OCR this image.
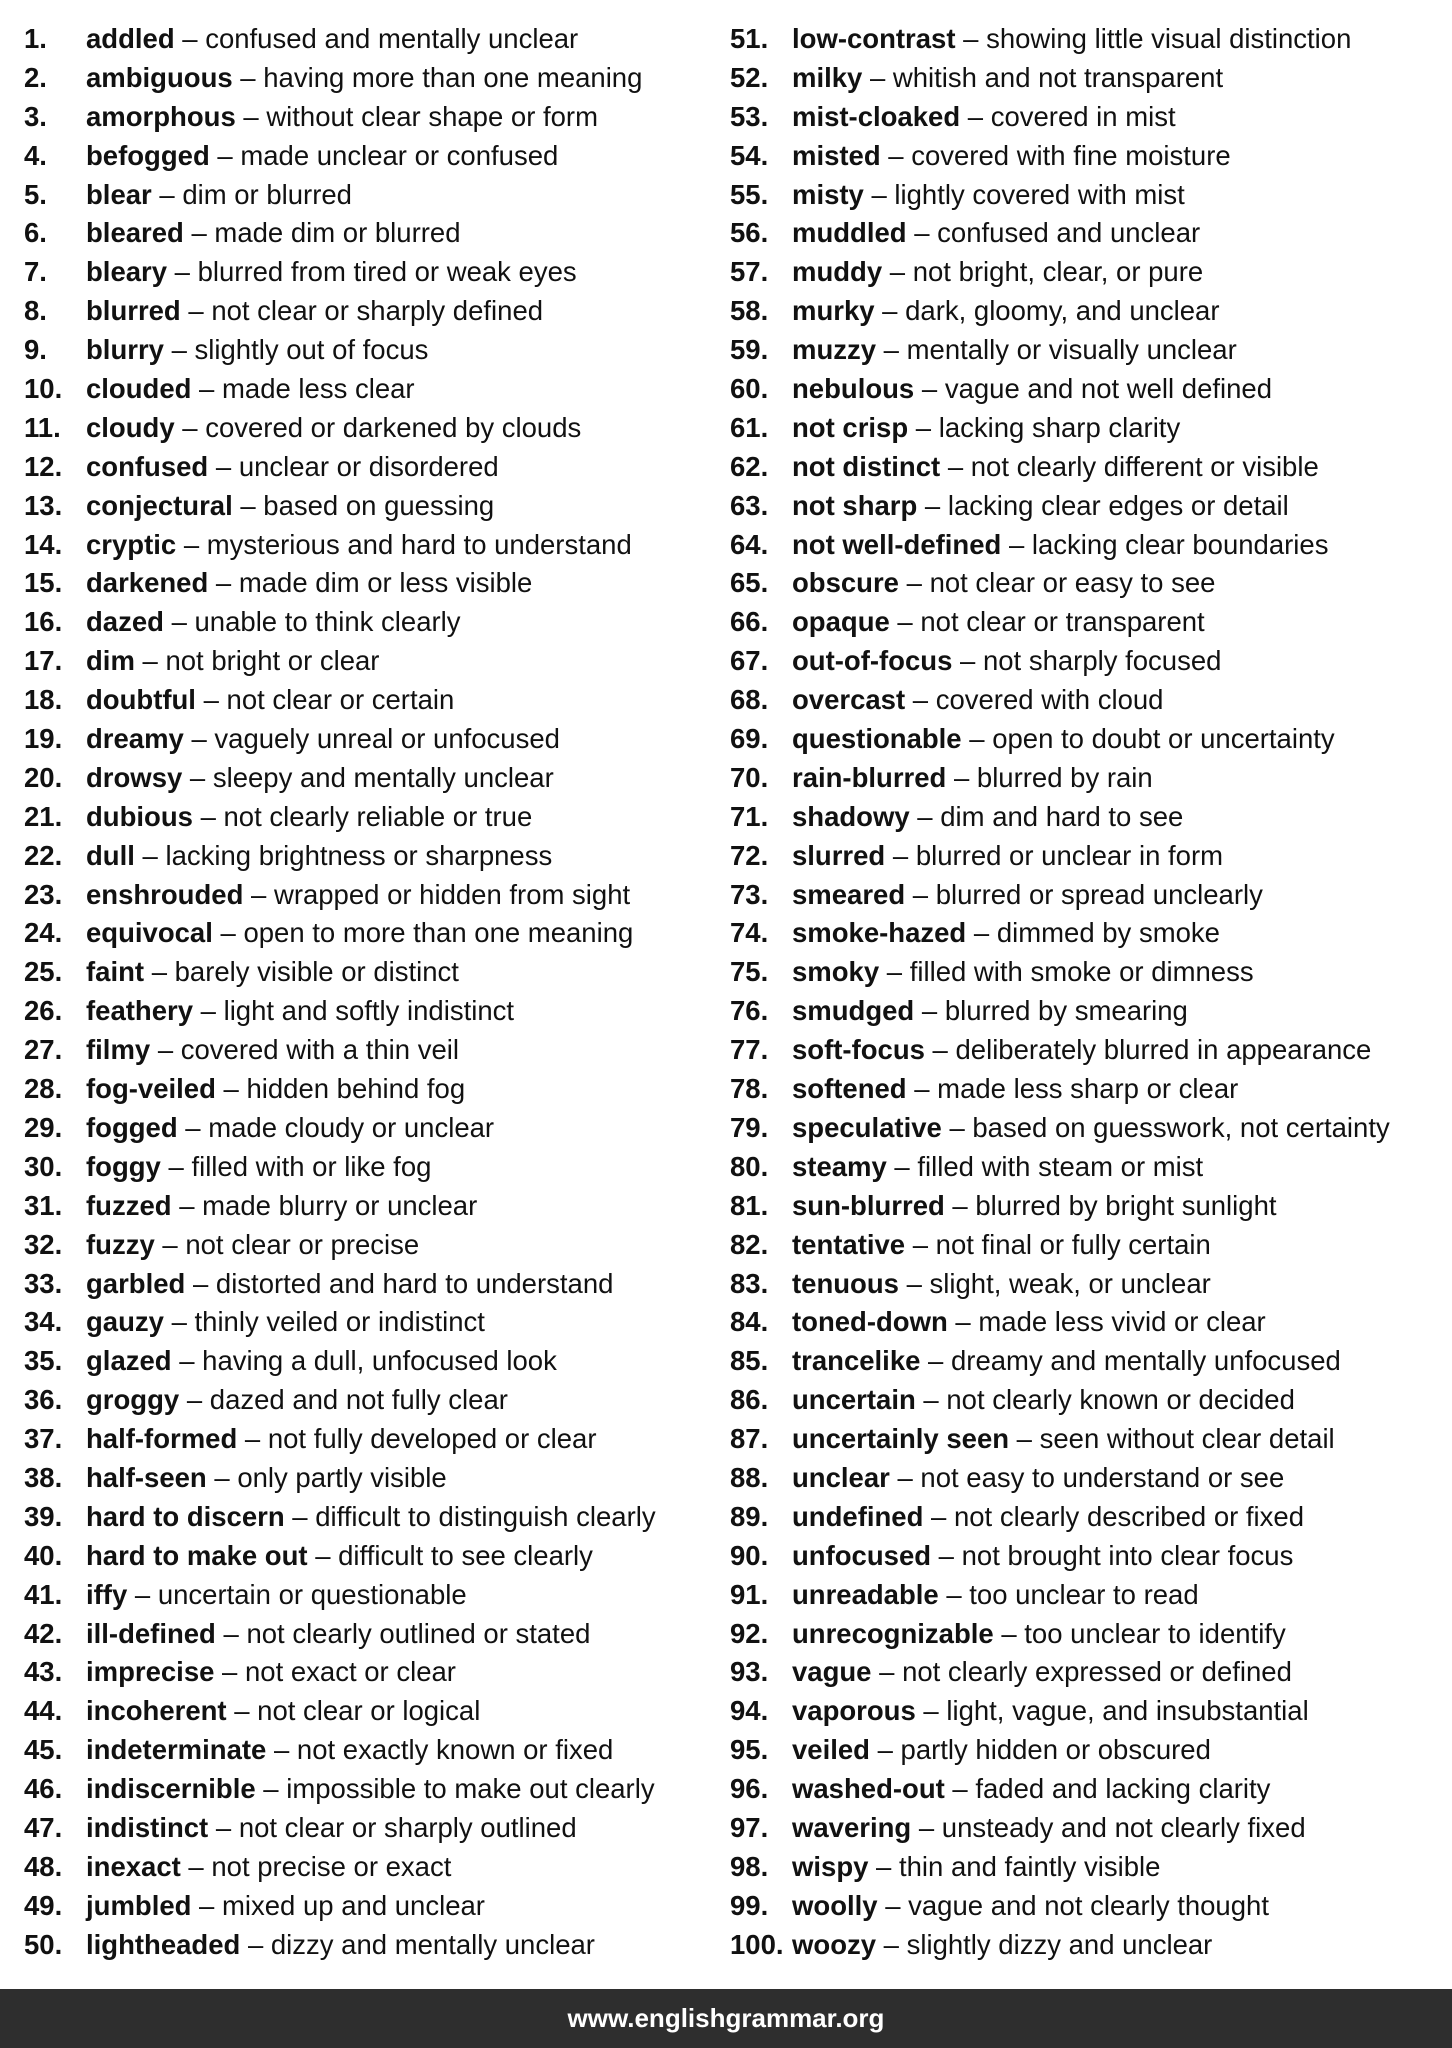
1.	addled – confused and mentally unclear
2.	ambiguous – having more than one meaning
3.	amorphous – without clear shape or form
4.	befogged – made unclear or confused
5.	blear – dim or blurred
6.	bleared – made dim or blurred
7.	bleary – blurred from tired or weak eyes
8.	blurred – not clear or sharply defined
9.	blurry – slightly out of focus
10. clouded – made less clear
11. cloudy – covered or darkened by clouds
12. confused – unclear or disordered
13. conjectural – based on guessing
14. cryptic – mysterious and hard to understand
15. darkened – made dim or less visible
16. dazed – unable to think clearly
17. dim – not bright or clear
18. doubtful – not clear or certain
19. dreamy – vaguely unreal or unfocused
20. drowsy – sleepy and mentally unclear
21. dubious – not clearly reliable or true
22. dull – lacking brightness or sharpness
23. enshrouded – wrapped or hidden from sight
24. equivocal – open to more than one meaning
25. faint – barely visible or distinct
26. feathery – light and softly indistinct
27. filmy – covered with a thin veil
28. fog-veiled – hidden behind fog
29. fogged – made cloudy or unclear
30. foggy – filled with or like fog
31. fuzzed – made blurry or unclear
32. fuzzy – not clear or precise
33. garbled – distorted and hard to understand
34. gauzy – thinly veiled or indistinct
35. glazed – having a dull, unfocused look
36. groggy – dazed and not fully clear
37. half-formed – not fully developed or clear
38. half-seen – only partly visible
39. hard to discern – difficult to distinguish clearly
40. hard to make out – difficult to see clearly
41. iffy – uncertain or questionable
42. ill-defined – not clearly outlined or stated
43. imprecise – not exact or clear
44. incoherent – not clear or logical
45. indeterminate – not exactly known or fixed
46. indiscernible – impossible to make out clearly
47. indistinct – not clear or sharply outlined
48. inexact – not precise or exact
49. jumbled – mixed up and unclear
50. lightheaded – dizzy and mentally unclear
51. low-contrast – showing little visual distinction
52. milky – whitish and not transparent
53. mist-cloaked – covered in mist
54. misted – covered with fine moisture
55. misty – lightly covered with mist
56. muddled – confused and unclear
57. muddy – not bright, clear, or pure
58. murky – dark, gloomy, and unclear
59. muzzy – mentally or visually unclear
60. nebulous – vague and not well defined
61. not crisp – lacking sharp clarity
62. not distinct – not clearly different or visible
63. not sharp – lacking clear edges or detail
64. not well-defined – lacking clear boundaries
65. obscure – not clear or easy to see
66. opaque – not clear or transparent
67. out-of-focus – not sharply focused
68. overcast – covered with cloud
69. questionable – open to doubt or uncertainty
70. rain-blurred – blurred by rain
71. shadowy – dim and hard to see
72. slurred – blurred or unclear in form
73. smeared – blurred or spread unclearly
74. smoke-hazed – dimmed by smoke
75. smoky – filled with smoke or dimness
76. smudged – blurred by smearing
77. soft-focus – deliberately blurred in appearance
78. softened – made less sharp or clear
79. speculative – based on guesswork, not certainty
80. steamy – filled with steam or mist
81. sun-blurred – blurred by bright sunlight
82. tentative – not final or fully certain
83. tenuous – slight, weak, or unclear
84. toned-down – made less vivid or clear
85. trancelike – dreamy and mentally unfocused
86. uncertain – not clearly known or decided
87. uncertainly seen – seen without clear detail
88. unclear – not easy to understand or see
89. undefined – not clearly described or fixed
90. unfocused – not brought into clear focus
91. unreadable – too unclear to read
92. unrecognizable – too unclear to identify
93. vague – not clearly expressed or defined
94. vaporous – light, vague, and insubstantial
95. veiled – partly hidden or obscured
96. washed-out – faded and lacking clarity
97. wavering – unsteady and not clearly fixed
98. wispy – thin and faintly visible
99. woolly – vague and not clearly thought
100. woozy – slightly dizzy and unclear
www.englishgrammar.org
